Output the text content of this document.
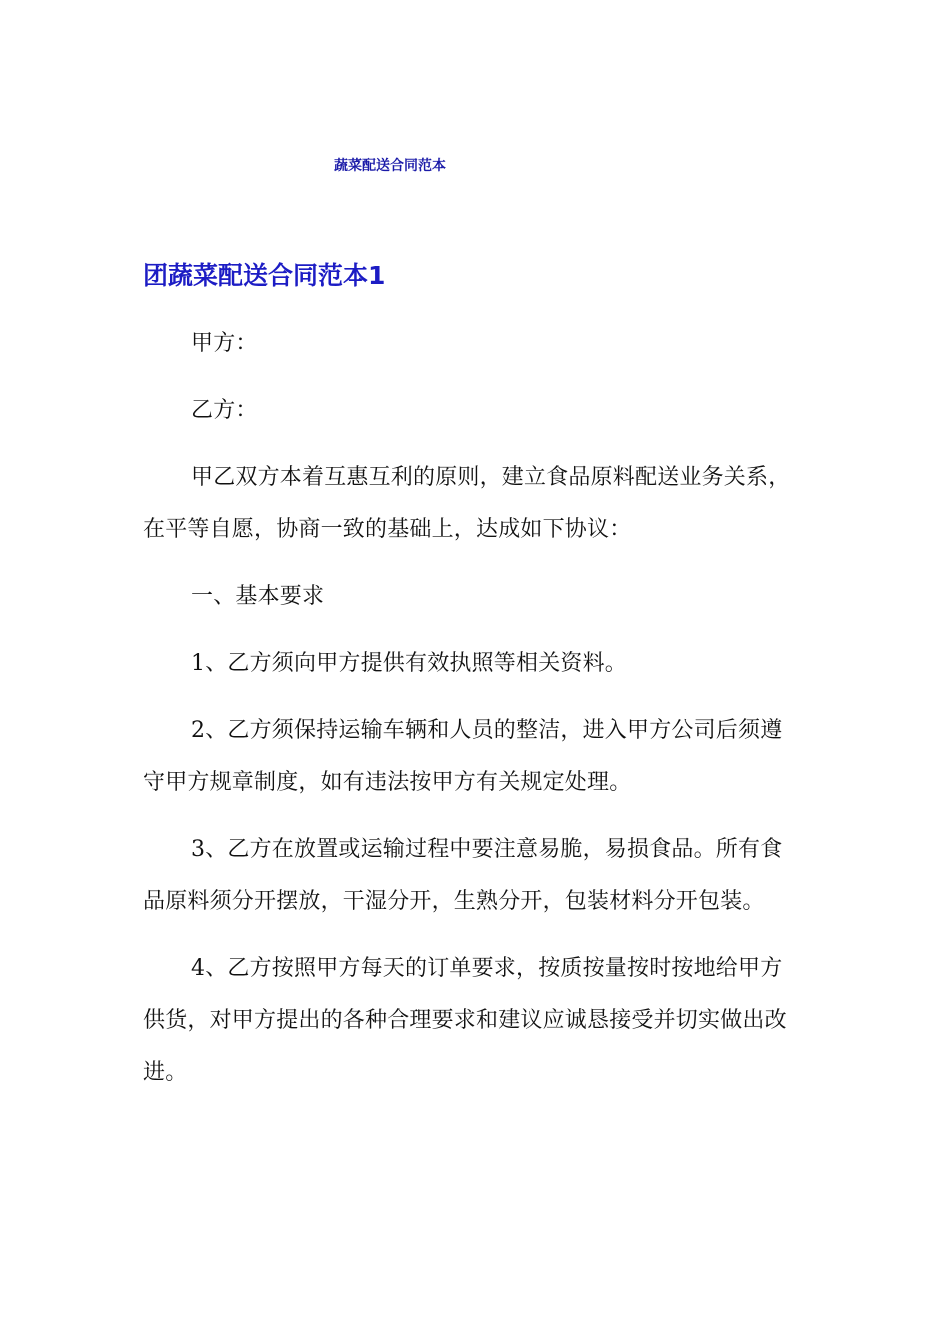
蔬菜配送合同范本
团蔬菜配送合同范本1

甲方：

乙方：

甲乙双方本着互惠互利的原则，建立食品原料配送业务关系，在平等自愿，协商一致的基础上，达成如下协议：

一、基本要求

1、乙方须向甲方提供有效执照等相关资料。

2、乙方须保持运输车辆和人员的整洁，进入甲方公司后须遵守甲方规章制度，如有违法按甲方有关规定处理。

3、乙方在放置或运输过程中要注意易脆，易损食品。所有食品原料须分开摆放，干湿分开，生熟分开，包装材料分开包装。

4、乙方按照甲方每天的订单要求，按质按量按时按地给甲方供货，对甲方提出的各种合理要求和建议应诚恳接受并切实做出改进。
